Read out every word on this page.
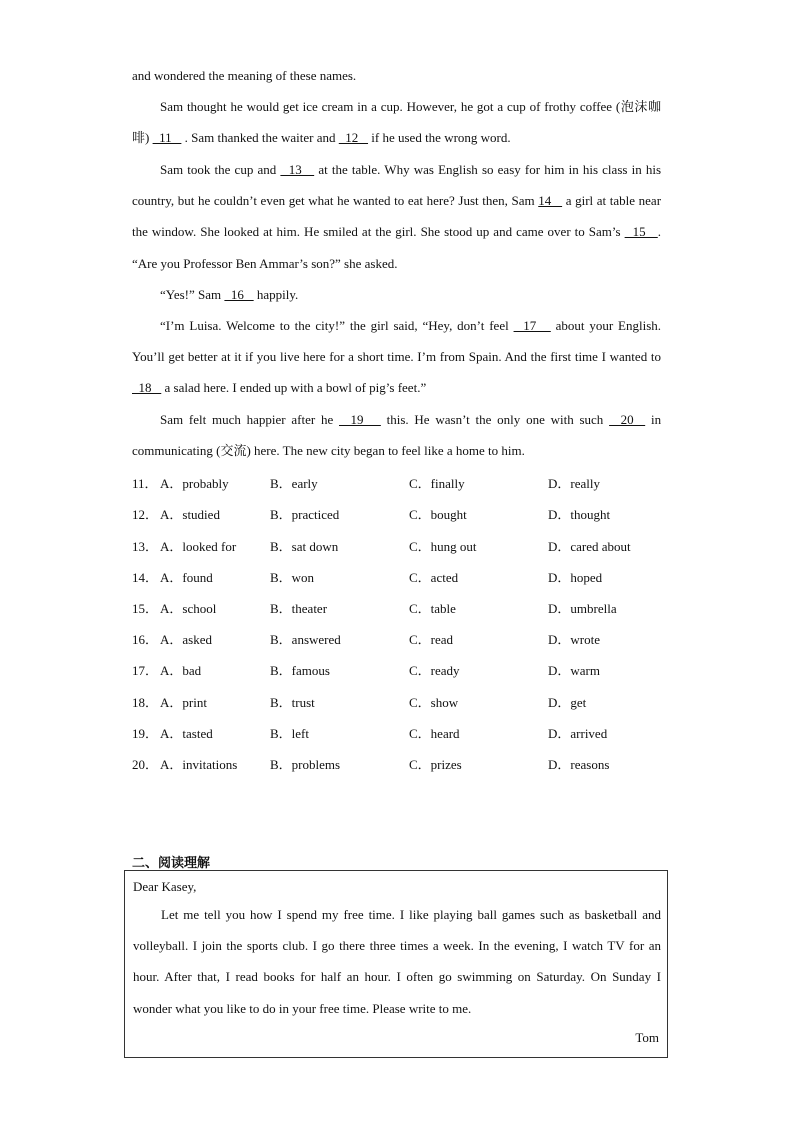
and wondered the meaning of these names.

Sam thought he would get ice cream in a cup. However, he got a cup of frothy coffee (泡沫咖啡)   11    . Sam thanked the waiter and   12    if he used the wrong word.

Sam took the cup and   13    at the table. Why was English so easy for him in his class in his country, but he couldn’t even get what he wanted to eat here? Just then, Sam 14    a girl at table near the window. She looked at him. He smiled at the girl. She stood up and came over to Sam’s   15   . “Are you Professor Ben Ammar’s son?” she asked.

“Yes!” Sam   16    happily.

“I’m Luisa. Welcome to the city!” the girl said, “Hey, don’t feel   17    about your English. You’ll get better at it if you live here for a short time. I’m from Spain. And the first time I wanted to   18    a salad here. I ended up with a bowl of pig’s feet.”

Sam felt much happier after he   19    this. He wasn’t the only one with such   20   in communicating (交流) here. The new city began to feel like a home to him.

11． A．probably	B．early	C．finally	D．really
12． A．studied	B．practiced	C．bought	D．thought
13． A．looked for	B．sat down	C．hung out	D．cared about
14． A．found	B．won	C．acted	D．hoped
15． A．school	B．theater	C．table	D．umbrella
16． A．asked	B．answered	C．read	D．wrote
17． A．bad	B．famous	C．ready	D．warm
18． A．print	B．trust	C．show	D．get
19． A．tasted	B．left	C．heard	D．arrived
20． A．invitations	B．problems	C．prizes	D．reasons
二、阅读理解
Dear Kasey,

Let me tell you how I spend my free time. I like playing ball games such as basketball and volleyball. I join the sports club. I go there three times a week. In the evening, I watch TV for an hour. After that, I read books for half an hour. I often go swimming on Saturday. On Sunday I wonder what you like to do in your free time. Please write to me.

Tom
